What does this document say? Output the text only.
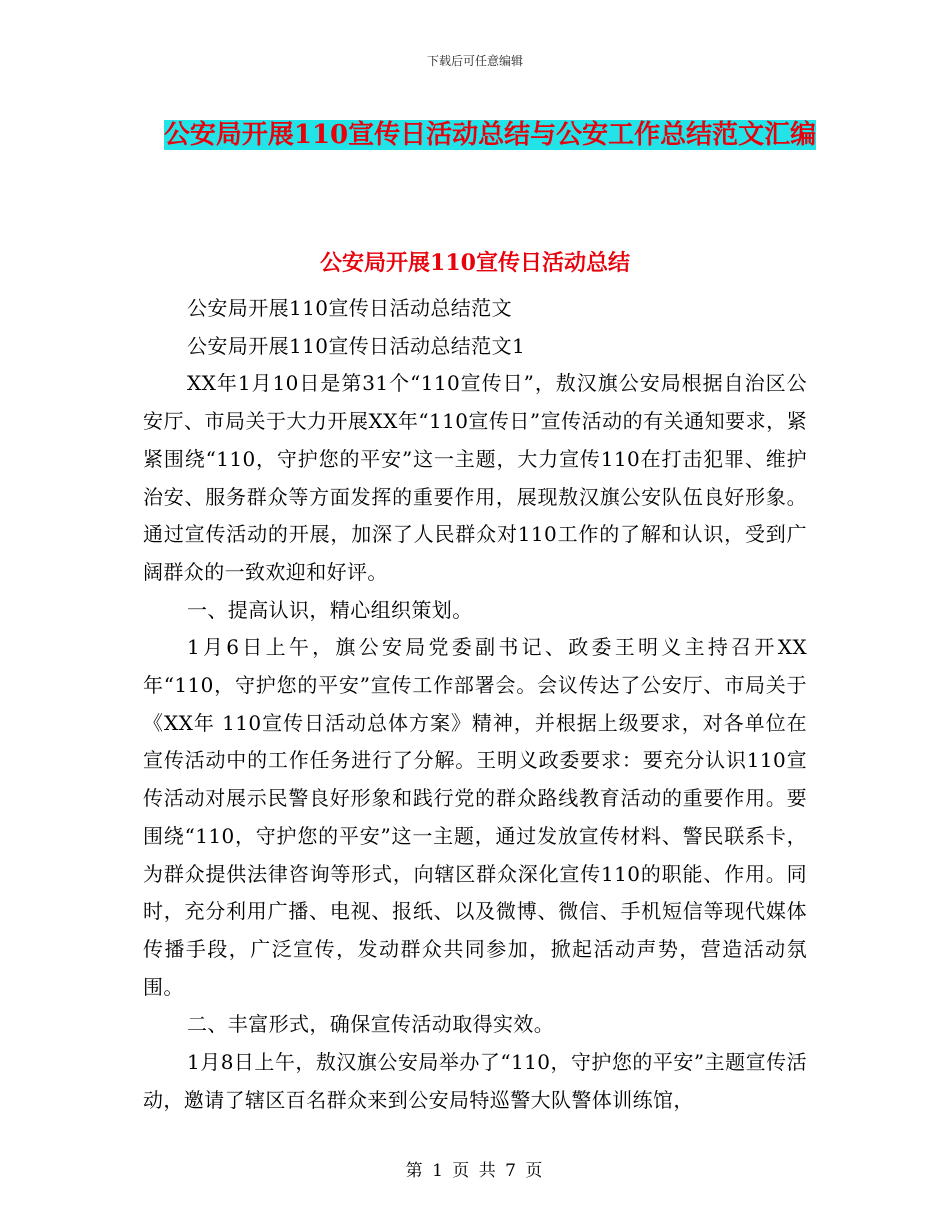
下载后可任意编辑
公安局开展110宣传日活动总结与公安工作总结范文汇编
公安局开展110宣传日活动总结

公安局开展110宣传日活动总结范文

公安局开展110宣传日活动总结范文1

XX年1月10日是第31个“110宣传日”，敖汉旗公安局根据自治区公安厅、市局关于大力开展XX年“110宣传日”宣传活动的有关通知要求，紧紧围绕“110，守护您的平安”这一主题，大力宣传110在打击犯罪、维护治安、服务群众等方面发挥的重要作用，展现敖汉旗公安队伍良好形象。通过宣传活动的开展，加深了人民群众对110工作的了解和认识，受到广阔群众的一致欢迎和好评。

一、提高认识，精心组织策划。

1月6日上午，旗公安局党委副书记、政委王明义主持召开XX年“110，守护您的平安”宣传工作部署会。会议传达了公安厅、市局关于《XX年 110宣传日活动总体方案》精神，并根据上级要求，对各单位在宣传活动中的工作任务进行了分解。王明义政委要求：要充分认识110宣传活动对展示民警良好形象和践行党的群众路线教育活动的重要作用。要围绕“110，守护您的平安”这一主题，通过发放宣传材料、警民联系卡，为群众提供法律咨询等形式，向辖区群众深化宣传110的职能、作用。同时，充分利用广播、电视、报纸、以及微博、微信、手机短信等现代媒体传播手段，广泛宣传，发动群众共同参加，掀起活动声势，营造活动氛围。

二、丰富形式，确保宣传活动取得实效。

1月8日上午，敖汉旗公安局举办了“110，守护您的平安”主题宣传活动，邀请了辖区百名群众来到公安局特巡警大队警体训练馆，

第 1 页 共 7 页
